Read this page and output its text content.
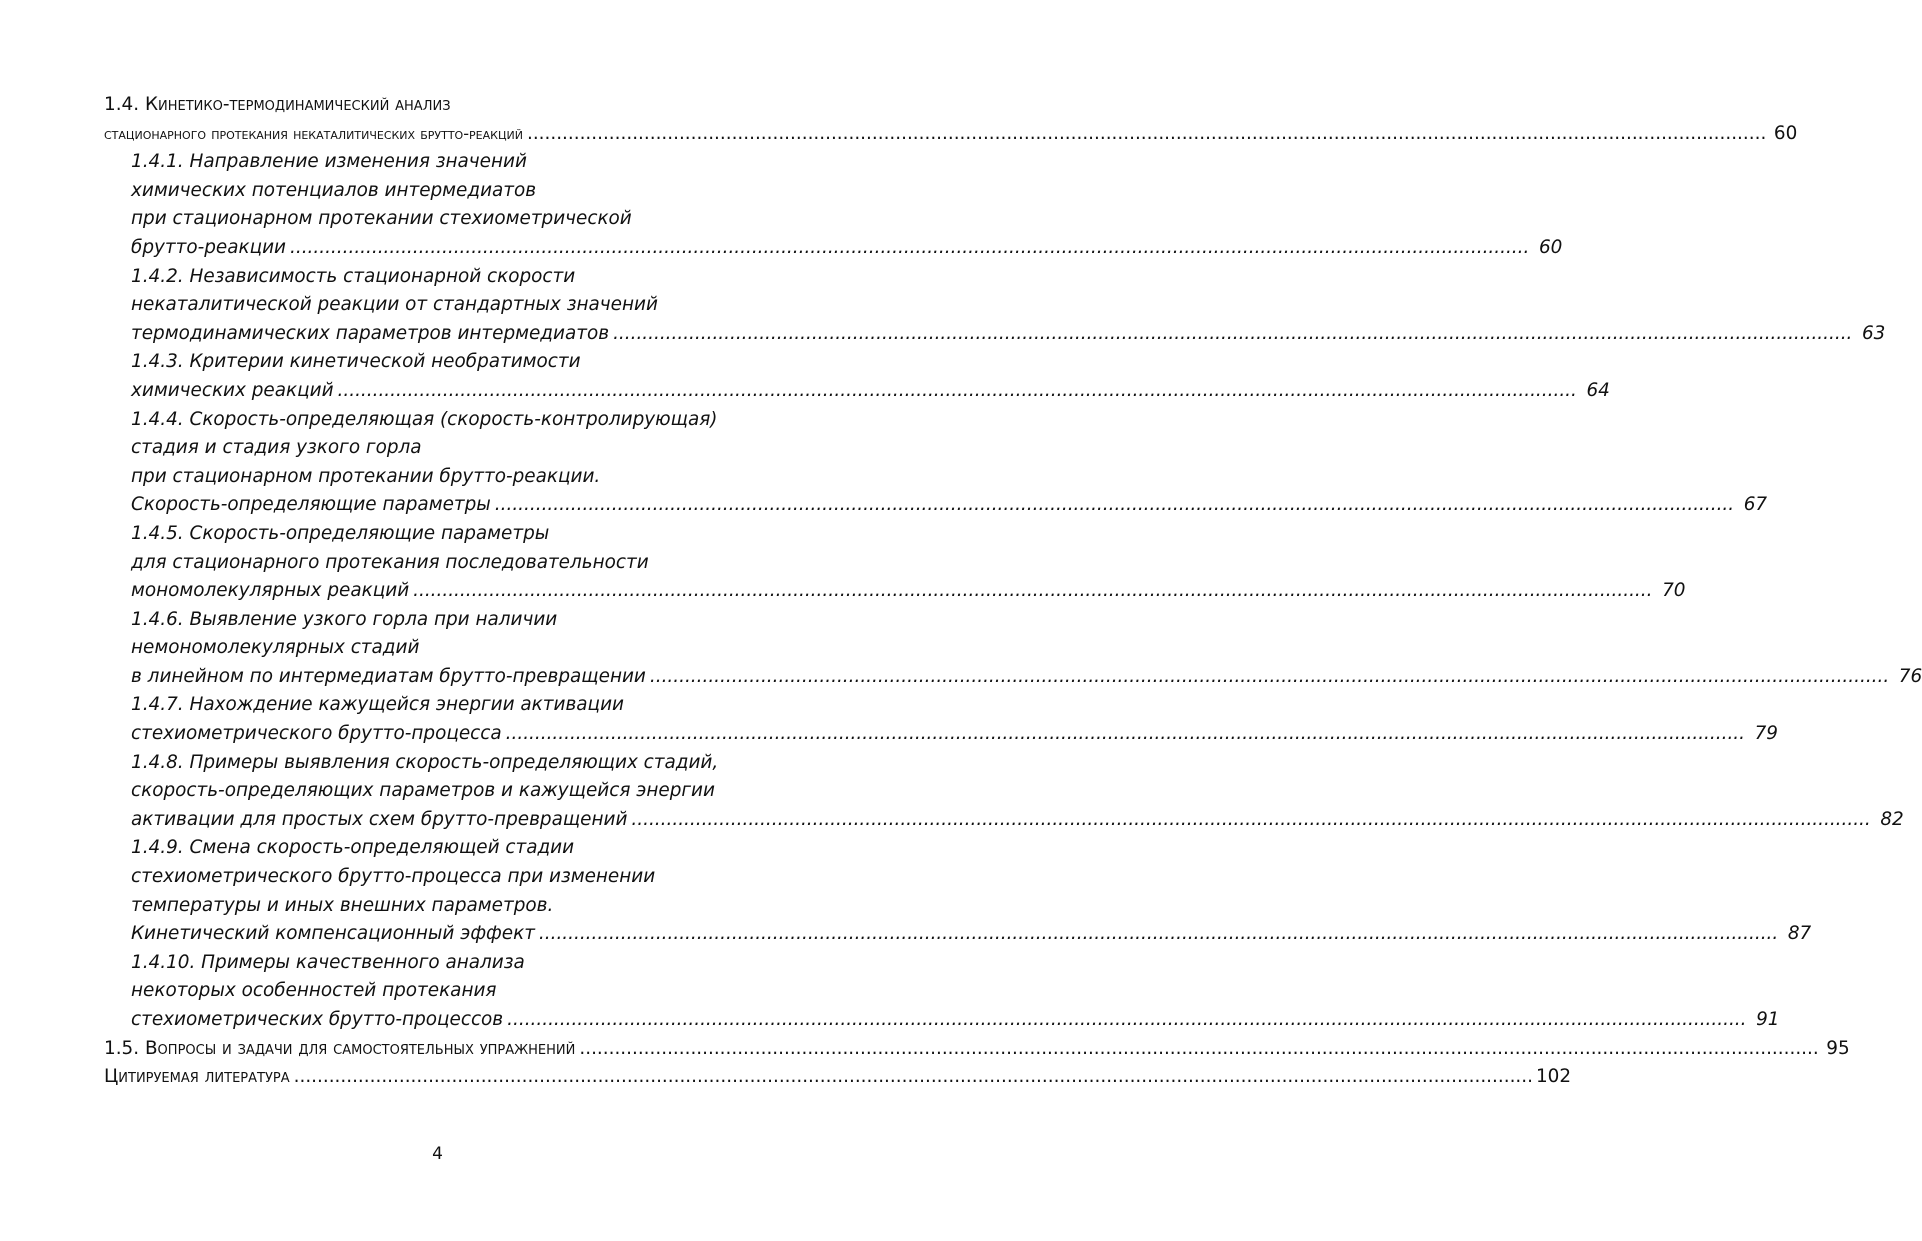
1.4. Кинетико-термодинамический анализ
стационарного протекания некаталитических брутто-реакций .....	60
1.4.1. Направление изменения значений
химических потенциалов интермедиатов
при стационарном протекании стехиометрической
брутто-реакции .....	60
1.4.2. Независимость стационарной скорости
некаталитической реакции от стандартных значений
термодинамических параметров интермедиатов .....	63
1.4.3. Критерии кинетической необратимости
химических реакций .....	64
1.4.4. Скорость-определяющая (скорость-контролирующая)
стадия и стадия узкого горла
при стационарном протекании брутто-реакции.
Скорость-определяющие параметры .....	67
1.4.5. Скорость-определяющие параметры
для стационарного протекания последовательности
мономолекулярных реакций .....	70
1.4.6. Выявление узкого горла при наличии
немономолекулярных стадий
в линейном по интермедиатам брутто-превращении .....	76
1.4.7. Нахождение кажущейся энергии активации
стехиометрического брутто-процесса .....	79
1.4.8. Примеры выявления скорость-определяющих стадий,
скорость-определяющих параметров и кажущейся энергии
активации для простых схем брутто-превращений .....	82
1.4.9. Смена скорость-определяющей стадии
стехиометрического брутто-процесса при изменении
температуры и иных внешних параметров.
Кинетический компенсационный эффект .....	87
1.4.10. Примеры качественного анализа
некоторых особенностей протекания
стехиометрических брутто-процессов .....	91
1.5. Вопросы и задачи для самостоятельных упражнений .....	95
Цитируемая литература .....	102
4
